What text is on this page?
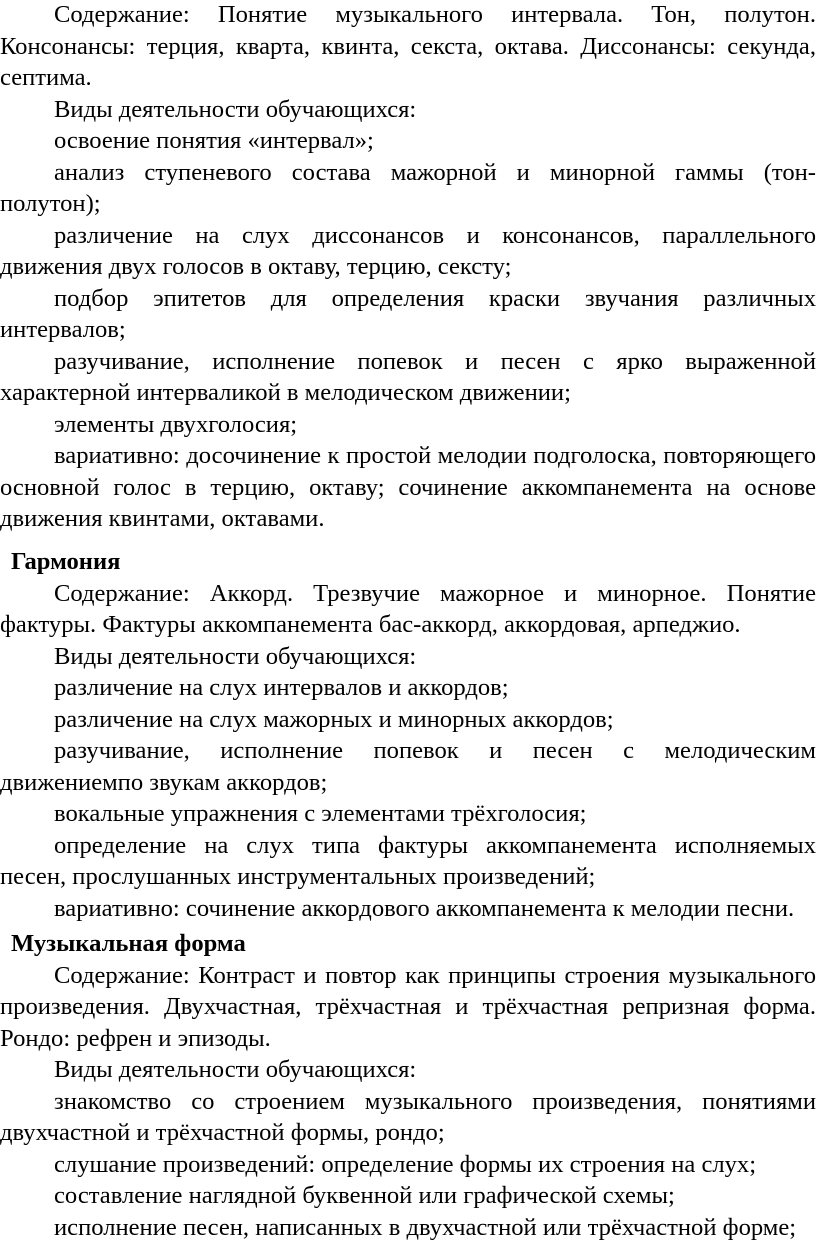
Содержание: Понятие музыкального интервала. Тон, полутон. Консонансы: терция, кварта, квинта, секста, октава. Диссонансы: секунда, септима.

Виды деятельности обучающихся:

освоение понятия «интервал»;

анализ ступеневого состава мажорной и минорной гаммы (тон-полутон);

различение на слух диссонансов и консонансов, параллельного движения двух голосов в октаву, терцию, сексту;

подбор эпитетов для определения краски звучания различных интервалов;

разучивание, исполнение попевок и песен с ярко выраженной характерной интерваликой в мелодическом движении;

элементы двухголосия;

вариативно: досочинение к простой мелодии подголоска, повторяющего основной голос в терцию, октаву; сочинение аккомпанемента на основе движения квинтами, октавами.

Гармония

Содержание: Аккорд. Трезвучие мажорное и минорное. Понятие фактуры. Фактуры аккомпанемента бас-аккорд, аккордовая, арпеджио.

Виды деятельности обучающихся:

различение на слух интервалов и аккордов;

различение на слух мажорных и минорных аккордов;

разучивание, исполнение попевок и песен с мелодическим движениемпо звукам аккордов;

вокальные упражнения с элементами трёхголосия;

определение на слух типа фактуры аккомпанемента исполняемых песен, прослушанных инструментальных произведений;

вариативно: сочинение аккордового аккомпанемента к мелодии песни.

Музыкальная форма

Содержание: Контраст и повтор как принципы строения музыкального произведения. Двухчастная, трёхчастная и трёхчастная репризная форма. Рондо: рефрен и эпизоды.

Виды деятельности обучающихся:

знакомство со строением музыкального произведения, понятиями двухчастной и трёхчастной формы, рондо;

слушание произведений: определение формы их строения на слух;

составление наглядной буквенной или графической схемы;

исполнение песен, написанных в двухчастной или трёхчастной форме;
